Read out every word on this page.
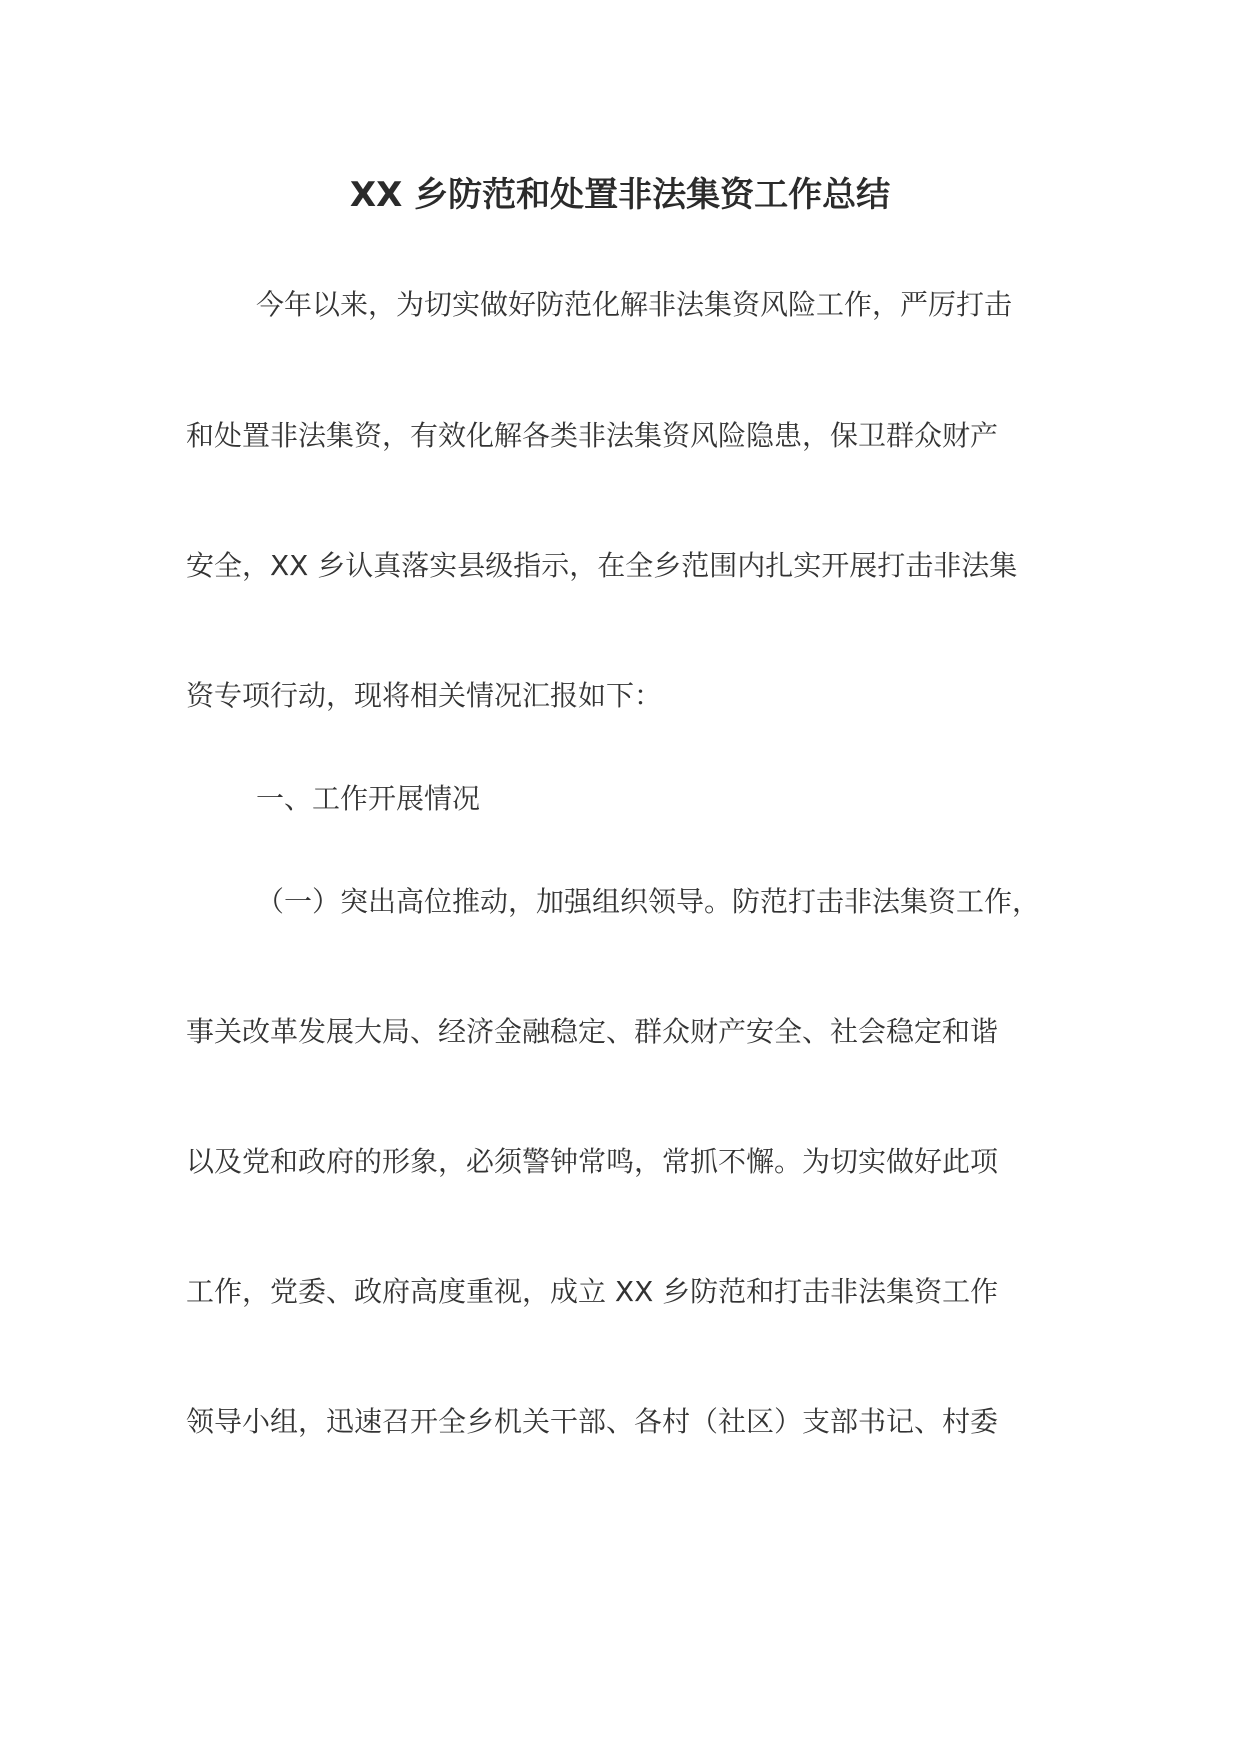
XX 乡防范和处置非法集资工作总结
今年以来，为切实做好防范化解非法集资风险工作，严厉打击
和处置非法集资，有效化解各类非法集资风险隐患，保卫群众财产
安全，XX 乡认真落实县级指示，在全乡范围内扎实开展打击非法集
资专项行动，现将相关情况汇报如下：
一、工作开展情况
（一）突出高位推动，加强组织领导。防范打击非法集资工作，
事关改革发展大局、经济金融稳定、群众财产安全、社会稳定和谐
以及党和政府的形象，必须警钟常鸣，常抓不懈。为切实做好此项
工作，党委、政府高度重视，成立 XX 乡防范和打击非法集资工作
领导小组，迅速召开全乡机关干部、各村（社区）支部书记、村委
